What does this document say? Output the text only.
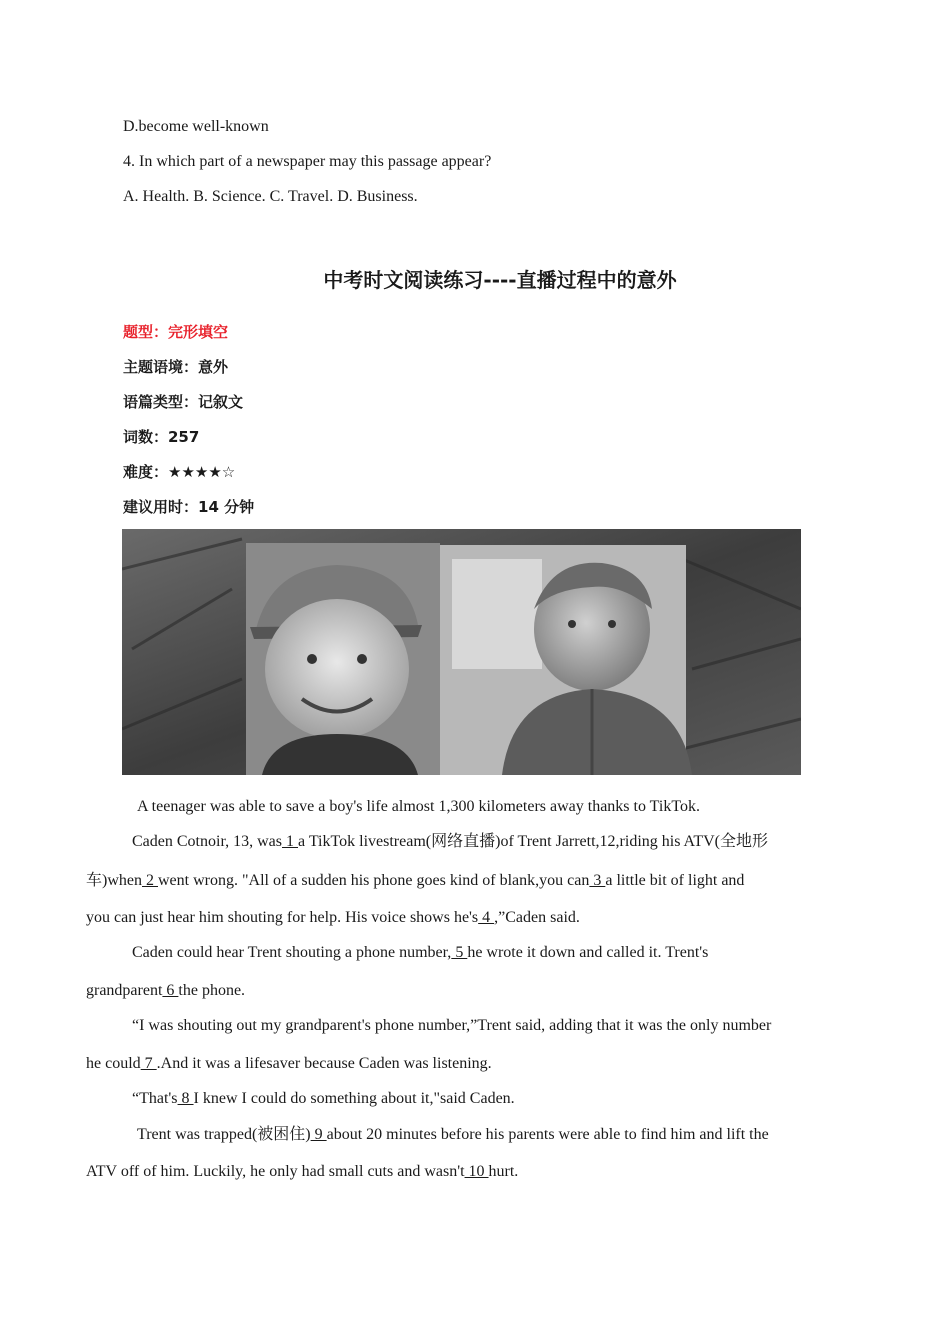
D.become well-known
4. In which part of a newspaper may this passage appear?
A. Health. B. Science. C. Travel. D. Business.
中考时文阅读练习----直播过程中的意外
题型：完形填空
主题语境：意外
语篇类型：记叙文
词数：257
难度：★★★★☆
建议用时：14 分钟
A teenager was able to save a boy's life almost 1,300 kilometers away thanks to TikTok.
Caden Cotnoir, 13, was 1 a TikTok livestream(网络直播)of Trent Jarrett,12,riding his ATV(全地形
车)when 2 went wrong. "All of a sudden his phone goes kind of blank,you can 3 a little bit of light and
you can just hear him shouting for help. His voice shows he's 4 ,”Caden said.
Caden could hear Trent shouting a phone number, 5 he wrote it down and called it. Trent's
grandparent 6 the phone.
“I was shouting out my grandparent's phone number,”Trent said, adding that it was the only number
he could 7 .And it was a lifesaver because Caden was listening.
“That's 8 I knew I could do something about it,"said Caden.
Trent was trapped(被困住) 9 about 20 minutes before his parents were able to find him and lift the
ATV off of him. Luckily, he only had small cuts and wasn't 10 hurt.
